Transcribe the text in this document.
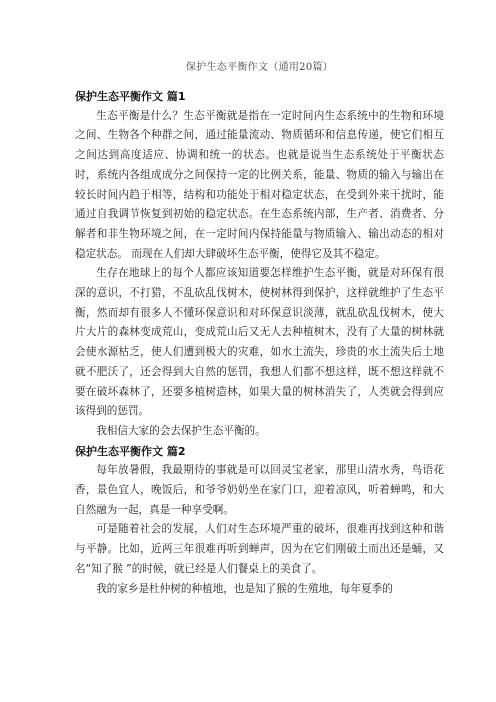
保护生态平衡作文（通用20篇）

保护生态平衡作文 篇1

生态平衡是什么？生态平衡就是指在一定时间内生态系统中的生物和环境之间、生物各个种群之间，通过能量流动、物质循环和信息传递，使它们相互之间达到高度适应、协调和统一的状态。也就是说当生态系统处于平衡状态时，系统内各组成成分之间保持一定的比例关系，能量、物质的输入与输出在较长时间内趋于相等，结构和功能处于相对稳定状态，在受到外来干扰时，能通过自我调节恢复到初始的稳定状态。在生态系统内部，生产者、消费者、分解者和非生物环境之间，在一定时间内保持能量与物质输入、输出动态的相对稳定状态。 而现在人们却大肆破坏生态平衡，使得它及其不稳定。

生存在地球上的每个人都应该知道要怎样维护生态平衡，就是对环保有很深的意识，不打猎，不乱砍乱伐树木，使树林得到保护，这样就维护了生态平衡，然而却有很多人不懂环保意识和对环保意识淡薄，就乱砍乱伐树木，使大片大片的森林变成荒山，变成荒山后又无人去种植树木，没有了大量的树林就会使水源枯乏，使人们遭到极大的灾难，如水土流失，珍贵的水土流失后土地就不肥沃了，还会得到大自然的惩罚，我想人们都不想这样，既不想这样就不要在破坏森林了，还要多植树造林，如果大量的树林消失了，人类就会得到应该得到的惩罚。

我相信大家的会去保护生态平衡的。

保护生态平衡作文 篇2

每年放暑假，我最期待的事就是可以回灵宝老家，那里山清水秀，鸟语花香，景色宜人，晚饭后，和爷爷奶奶坐在家门口，迎着凉风，听着蝉鸣，和大自然融为一起，真是一种享受啊。

可是随着社会的发展，人们对生态环境严重的破坏，很难再找到这种和谐与平静。比如，近两三年很难再听到蝉声，因为在它们刚破土而出还是蛹，又名“知了猴 ”的时候，就已经是人们餐桌上的美食了。

我的家乡是杜仲树的种植地，也是知了猴的生殖地，每年夏季的
